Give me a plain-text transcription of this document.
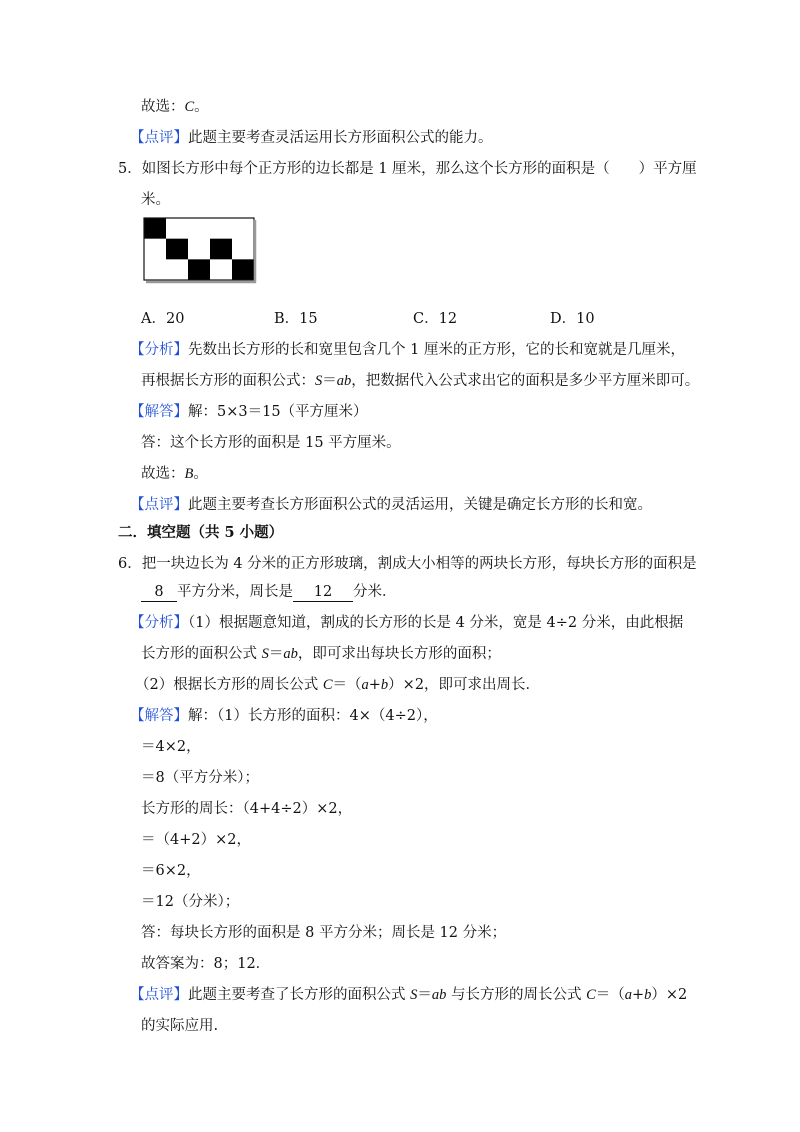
故选：C。
【点评】此题主要考查灵活运用长方形面积公式的能力。
5．如图长方形中每个正方形的边长都是 1 厘米，那么这个长方形的面积是（　　）平方厘
米。
A．20	B．15	C．12	D．10
【分析】先数出长方形的长和宽里包含几个 1 厘米的正方形，它的长和宽就是几厘米，
再根据长方形的面积公式：S＝ab，把数据代入公式求出它的面积是多少平方厘米即可。
【解答】解：5×3＝15（平方厘米）
答：这个长方形的面积是 15 平方厘米。
故选：B。
【点评】此题主要考查长方形面积公式的灵活运用，关键是确定长方形的长和宽。
二．填空题（共 5 小题）
6．把一块边长为 4 分米的正方形玻璃，割成大小相等的两块长方形，每块长方形的面积是
8 平方分米，周长是 12 分米．
【分析】（1）根据题意知道，割成的长方形的长是 4 分米，宽是 4÷2 分米，由此根据
长方形的面积公式 S＝ab，即可求出每块长方形的面积；
（2）根据长方形的周长公式 C＝（a+b）×2，即可求出周长．
【解答】解：（1）长方形的面积：4×（4÷2），
＝4×2，
＝8（平方分米）；
长方形的周长：（4+4÷2）×2，
＝（4+2）×2，
＝6×2，
＝12（分米）；
答：每块长方形的面积是 8 平方分米；周长是 12 分米；
故答案为：8；12．
【点评】此题主要考查了长方形的面积公式 S＝ab 与长方形的周长公式 C＝（a+b）×2
的实际应用.
